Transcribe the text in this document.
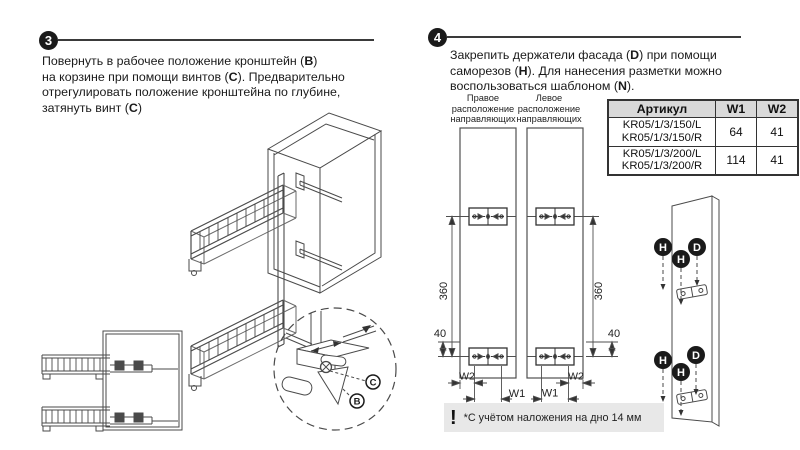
C
B
360	360
40	40
W2
W1
W2
W1
H
H
D
H
H
D
3
Повернуть в рабочее положение кронштейн (B)
на корзине при помощи винтов (C). Предварительно
отрегулировать положение кронштейна по глубине,
затянуть винт (C)
4
Закрепить держатели фасада (D) при помощи
саморезов (H). Для нанесения разметки можно
воспользоваться шаблоном (N).
Правое расположение направляющих
Левое расположение направляющих
Артикул	W1	W2

KR05/1/3/150/L
KR05/1/3/150/R	64	41

KR05/1/3/200/L
KR05/1/3/200/R	114	41
! *С учётом наложения на дно 14 мм
